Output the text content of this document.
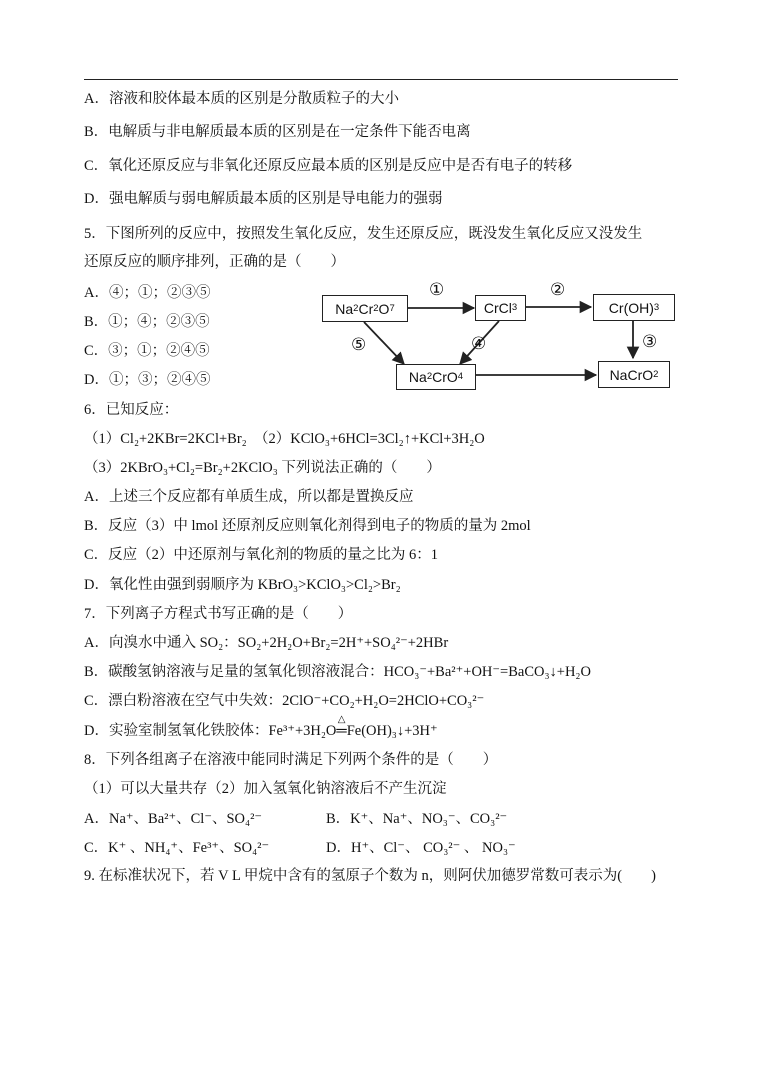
A．溶液和胶体最本质的区别是分散质粒子的大小
B．电解质与非电解质最本质的区别是在一定条件下能否电离
C．氧化还原反应与非氧化还原反应最本质的区别是反应中是否有电子的转移
D．强电解质与弱电解质最本质的区别是导电能力的强弱
5．下图所列的反应中，按照发生氧化反应，发生还原反应，既没发生氧化反应又没发生
还原反应的顺序排列，正确的是（　　）
A．④；①；②③⑤
B．①；④；②③⑤
C．③；①；②④⑤
D．①；③；②④⑤
Na 2 Cr 2 O 7	CrCl 3	Cr(OH) 3
Na 2 CrO 4	NaCrO 2
①	②
③
④
⑤
6．已知反应：
（1）Cl₂+2KBr=2KCl+Br₂　 （2）KClO₃+6HCl=3Cl₂↑+KCl+3H₂O
（3）2KBrO₃+Cl₂=Br₂+2KClO₃ 下列说法正确的（　　）
A．上述三个反应都有单质生成，所以都是置换反应
B．反应（3）中 lmol 还原剂反应则氧化剂得到电子的物质的量为 2mol
C．反应（2）中还原剂与氧化剂的物质的量之比为 6：1
D．氧化性由强到弱顺序为 KBrO₃>KClO₃>Cl₂>Br₂
7．下列离子方程式书写正确的是（　　）
A．向溴水中通入 SO₂：SO₂+2H₂O+Br₂=2H⁺+SO₄²⁻+2HBr
B．碳酸氢钠溶液与足量的氢氧化钡溶液混合：HCO₃⁻+Ba²⁺+OH⁻=BaCO₃↓+H₂O
C．漂白粉溶液在空气中失效：2ClO⁻+CO₂+H₂O=2HClO+CO₃²⁻
D．实验室制氢氧化铁胶体：Fe³⁺+3H₂O
△
═Fe(OH)₃↓+3H⁺
8．下列各组离子在溶液中能同时满足下列两个条件的是（　　）
（1）可以大量共存（2）加入氢氧化钠溶液后不产生沉淀
A．Na⁺、Ba²⁺、Cl⁻、SO₄²⁻	B．K⁺、Na⁺、NO₃⁻、CO₃²⁻
C．K⁺ 、NH₄⁺、Fe³⁺、SO₄²⁻	D．H⁺、Cl⁻、 CO₃²⁻ 、 NO₃⁻
9. 在标准状况下，若 V L 甲烷中含有的氢原子个数为 n，则阿伏加德罗常数可表示为(　　)
